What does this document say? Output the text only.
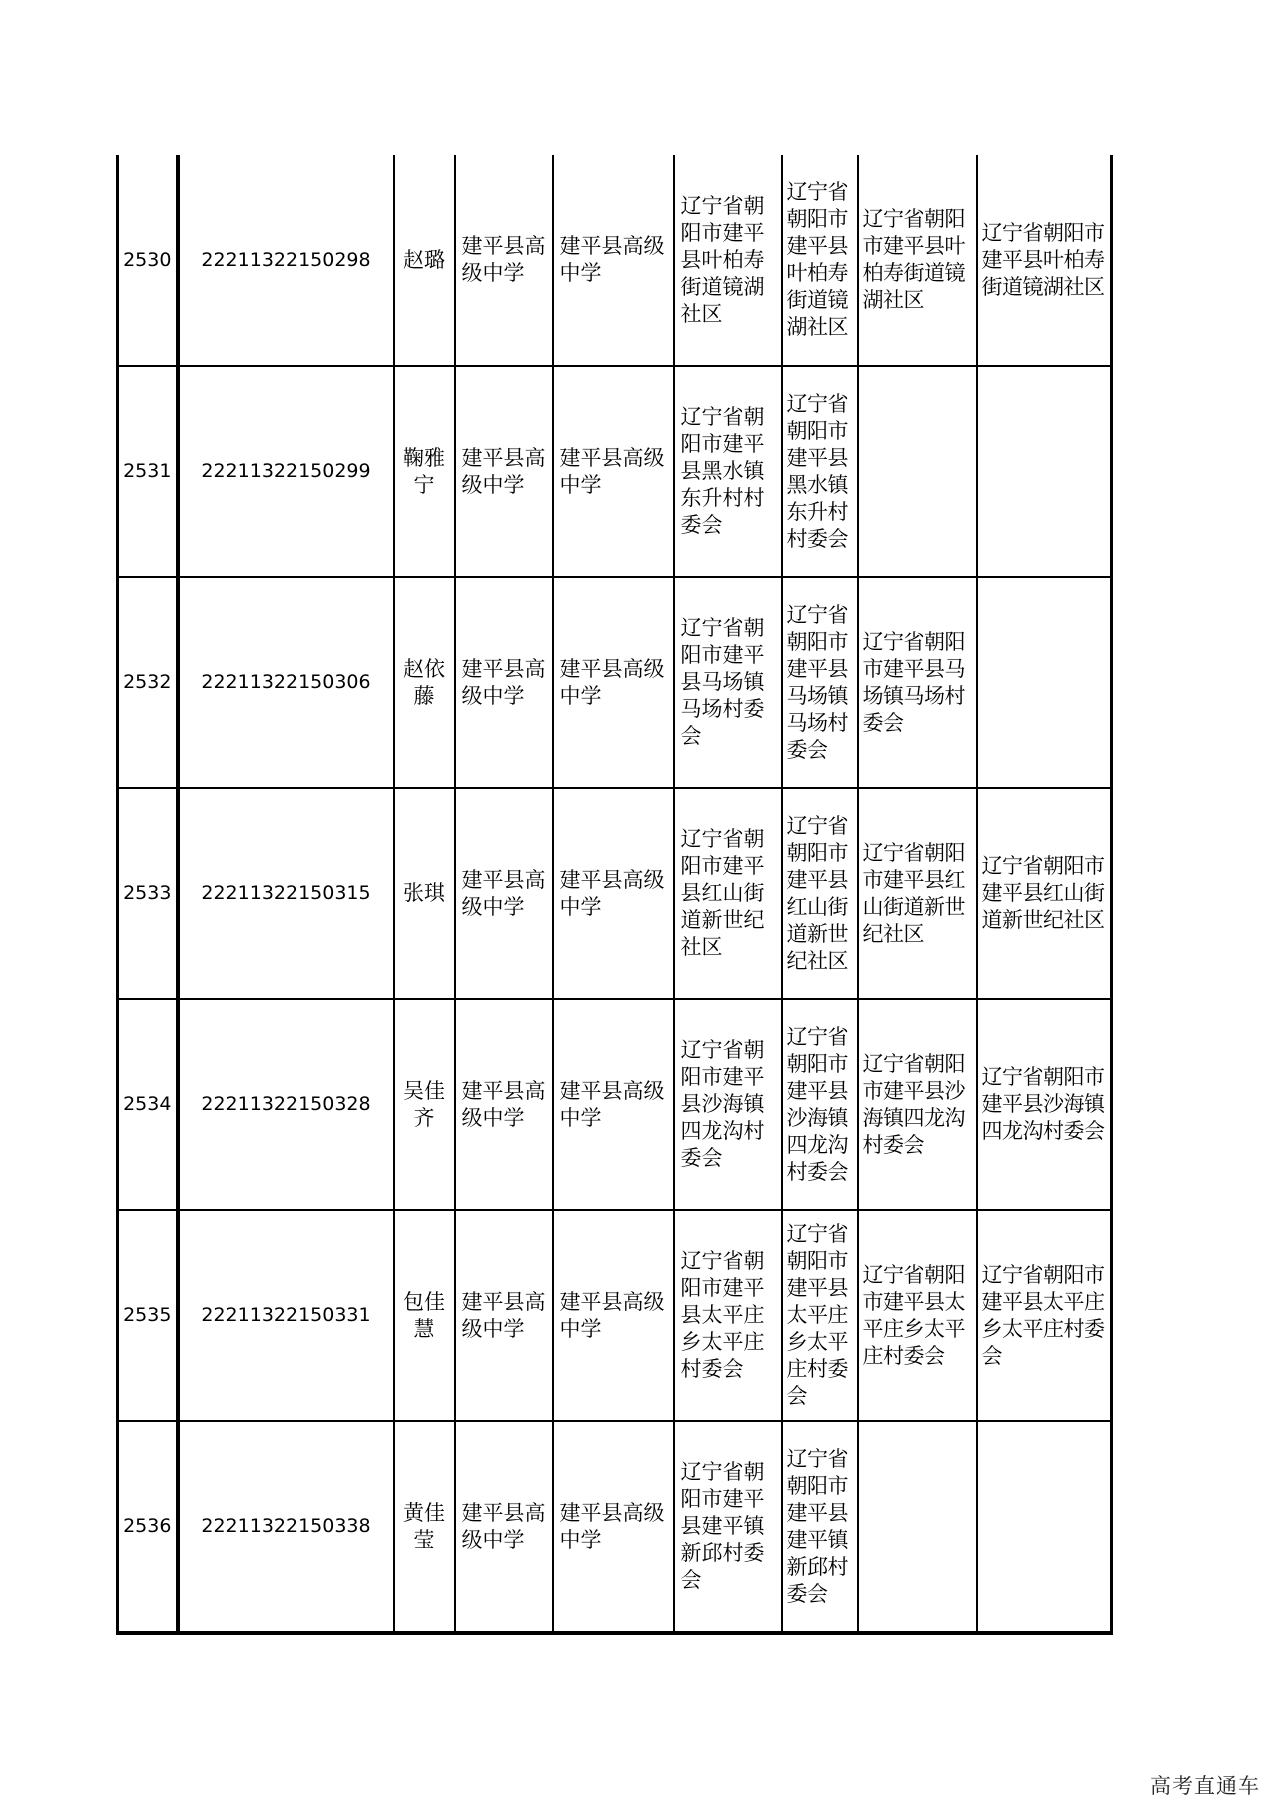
2530	22211322150298	赵璐	建平县高级中学	建平县高级中学	辽宁省朝阳市建平县叶柏寿街道镜湖社区	辽宁省朝阳市建平县叶柏寿街道镜湖社区	辽宁省朝阳市建平县叶柏寿街道镜湖社区	辽宁省朝阳市建平县叶柏寿街道镜湖社区
2531	22211322150299	鞠雅宁	建平县高级中学	建平县高级中学	辽宁省朝阳市建平县黑水镇东升村村委会	辽宁省朝阳市建平县黑水镇东升村村委会		
2532	22211322150306	赵依藤	建平县高级中学	建平县高级中学	辽宁省朝阳市建平县马场镇马场村委会	辽宁省朝阳市建平县马场镇马场村委会	辽宁省朝阳市建平县马场镇马场村委会	
2533	22211322150315	张琪	建平县高级中学	建平县高级中学	辽宁省朝阳市建平县红山街道新世纪社区	辽宁省朝阳市建平县红山街道新世纪社区	辽宁省朝阳市建平县红山街道新世纪社区	辽宁省朝阳市建平县红山街道新世纪社区
2534	22211322150328	吴佳齐	建平县高级中学	建平县高级中学	辽宁省朝阳市建平县沙海镇四龙沟村委会	辽宁省朝阳市建平县沙海镇四龙沟村委会	辽宁省朝阳市建平县沙海镇四龙沟村委会	辽宁省朝阳市建平县沙海镇四龙沟村委会
2535	22211322150331	包佳慧	建平县高级中学	建平县高级中学	辽宁省朝阳市建平县太平庄乡太平庄村委会	辽宁省朝阳市建平县太平庄乡太平庄村委会	辽宁省朝阳市建平县太平庄乡太平庄村委会	辽宁省朝阳市建平县太平庄乡太平庄村委会
2536	22211322150338	黄佳莹	建平县高级中学	建平县高级中学	辽宁省朝阳市建平县建平镇新邱村委会	辽宁省朝阳市建平县建平镇新邱村委会		
高考直通车
